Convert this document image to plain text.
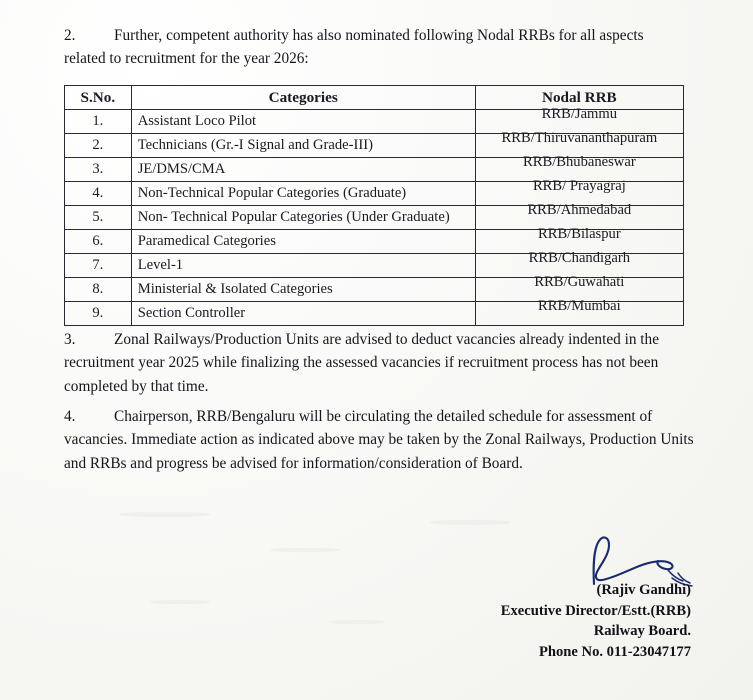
2.	Further, competent authority has also nominated following Nodal RRBs for all aspects related to recruitment for the year 2026:
S.No.	Categories	Nodal RRB
1.	Assistant Loco Pilot	RRB/Jammu
2.	Technicians (Gr.-I Signal and Grade-III)	RRB/Thiruvananthapuram
3.	JE/DMS/CMA	RRB/Bhubaneswar
4.	Non-Technical Popular Categories (Graduate)	RRB/ Prayagraj
5.	Non- Technical Popular Categories (Under Graduate)	RRB/Ahmedabad
6.	Paramedical Categories	RRB/Bilaspur
7.	Level-1	RRB/Chandigarh
8.	Ministerial & Isolated Categories	RRB/Guwahati
9.	Section Controller	RRB/Mumbai
3.	Zonal Railways/Production Units are advised to deduct vacancies already indented in the recruitment year 2025 while finalizing the assessed vacancies if recruitment process has not been completed by that time.
4.	Chairperson, RRB/Bengaluru will be circulating the detailed schedule for assessment of vacancies. Immediate action as indicated above may be taken by the Zonal Railways, Production Units and RRBs and progress be advised for information/consideration of Board.
(Rajiv Gandhi)
Executive Director/Estt.(RRB)
Railway Board.
Phone No. 011-23047177
